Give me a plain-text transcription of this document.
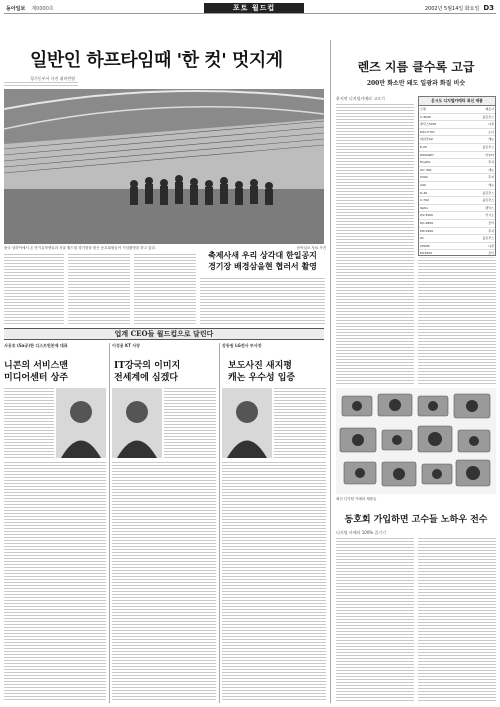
동아일보 제0000호	포토 월드컵	2002년 5월14일 화요일 D3
일반인 하프타임때 '한 컷' 멋지게
경기동부서 사진 취미반원
중국 상하이에서 온 단기유학생들과 서울 월드컵 경기장을 찾은 동호회원들이 기념촬영을 하고 있다.	동아일보 자료 사진
축제사새 우리 상각대 한일공지
경기장 배경삼을현 협러서 촬영
업계 CEO들 월드컵으로 달린다
사공호 (Sa공)한 디스트윈본제 대표
니콘의 서비스맨
미디어센터 상주
이성용 KT 사장
IT강국의 이미지
전세계에 심겠다
강동원 LG전사 부사장
보도사진 새지평
캐논 우수성 입증
렌즈 지름 클수록 고급
200만 화소만 돼도 일광과 화질 비슷
윤지연 디지털카메라 고르기	윤시도 디지털카메라 최신 제품
모델	제조사
C-4040	올림푸스
쿨픽스5700	니콘
DSC-F707	소니
파워샷G2	캐논
E-20	올림푸스
DiMAGE7	미놀타
FinePix	후지
IXY 300	캐논
S304	후지
A40	캐논
D-40	올림푸스
C-700	올림푸스
Optio	펜탁스
QV-3500	카시오
DC-4800	코닥
MX-2900	후지
Z1	올림푸스
CP995	니콘
DX3900	코닥
최신 디지털 카메라 제품들
동호회 가입하면 고수들 노하우 전수
디지털 카메라 100% 즐기기
